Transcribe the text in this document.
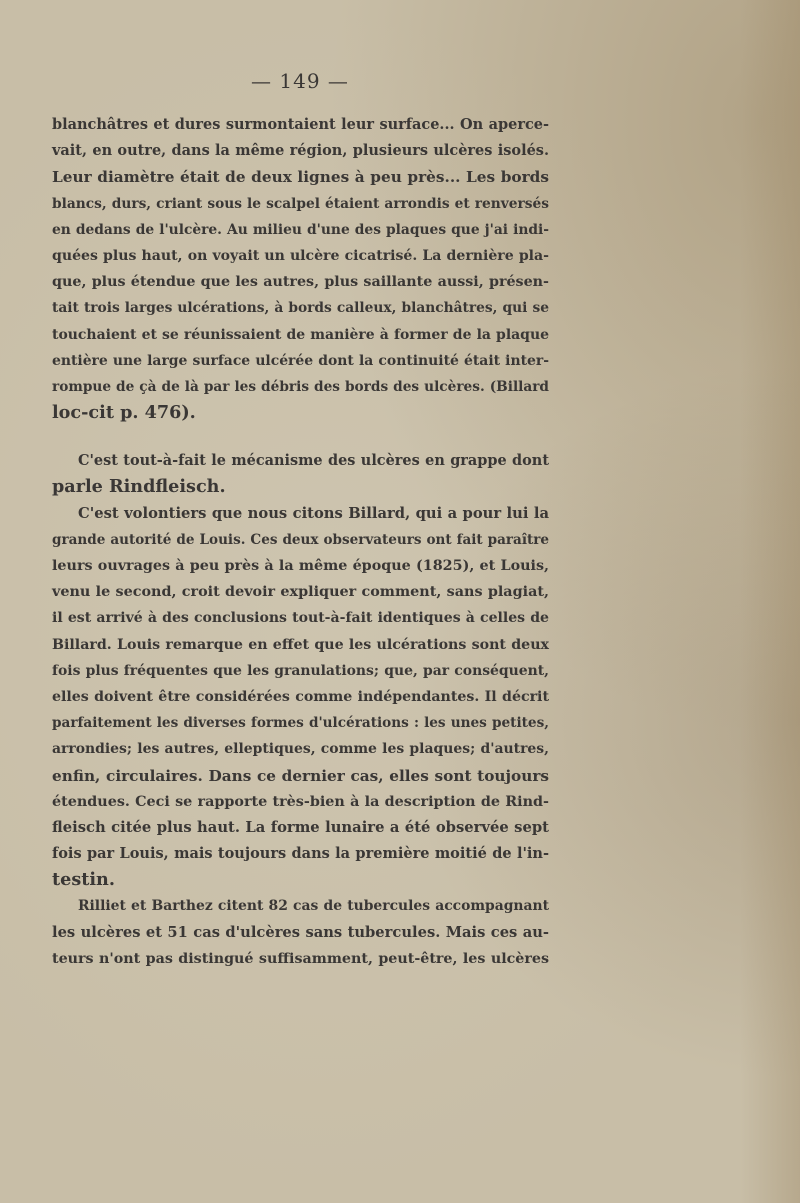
— 149 —
blanchâtres et dures surmontaient leur surface... On aperce-
vait, en outre, dans la même région, plusieurs ulcères isolés.
Leur diamètre était de deux lignes à peu près... Les bords
blancs, durs, criant sous le scalpel étaient arrondis et renversés
en dedans de l'ulcère. Au milieu d'une des plaques que j'ai indi-
quées plus haut, on voyait un ulcère cicatrisé. La dernière pla-
que, plus étendue que les autres, plus saillante aussi, présen-
tait trois larges ulcérations, à bords calleux, blanchâtres, qui se
touchaient et se réunissaient de manière à former de la plaque
entière une large surface ulcérée dont la continuité était inter-
rompue de çà de là par les débris des bords des ulcères. (Billard
loc-cit p. 476).
C'est tout-à-fait le mécanisme des ulcères en grappe dont
parle Rindfleisch.
C'est volontiers que nous citons Billard, qui a pour lui la
grande autorité de Louis. Ces deux observateurs ont fait paraître
leurs ouvrages à peu près à la même époque (1825), et Louis,
venu le second, croit devoir expliquer comment, sans plagiat,
il est arrivé à des conclusions tout-à-fait identiques à celles de
Billard. Louis remarque en effet que les ulcérations sont deux
fois plus fréquentes que les granulations; que, par conséquent,
elles doivent être considérées comme indépendantes. Il décrit
parfaitement les diverses formes d'ulcérations : les unes petites,
arrondies; les autres, elleptiques, comme les plaques; d'autres,
enfin, circulaires. Dans ce dernier cas, elles sont toujours
étendues. Ceci se rapporte très-bien à la description de Rind-
fleisch citée plus haut. La forme lunaire a été observée sept
fois par Louis, mais toujours dans la première moitié de l'in-
testin.
Rilliet et Barthez citent 82 cas de tubercules accompagnant
les ulcères et 51 cas d'ulcères sans tubercules. Mais ces au-
teurs n'ont pas distingué suffisamment, peut-être, les ulcères
